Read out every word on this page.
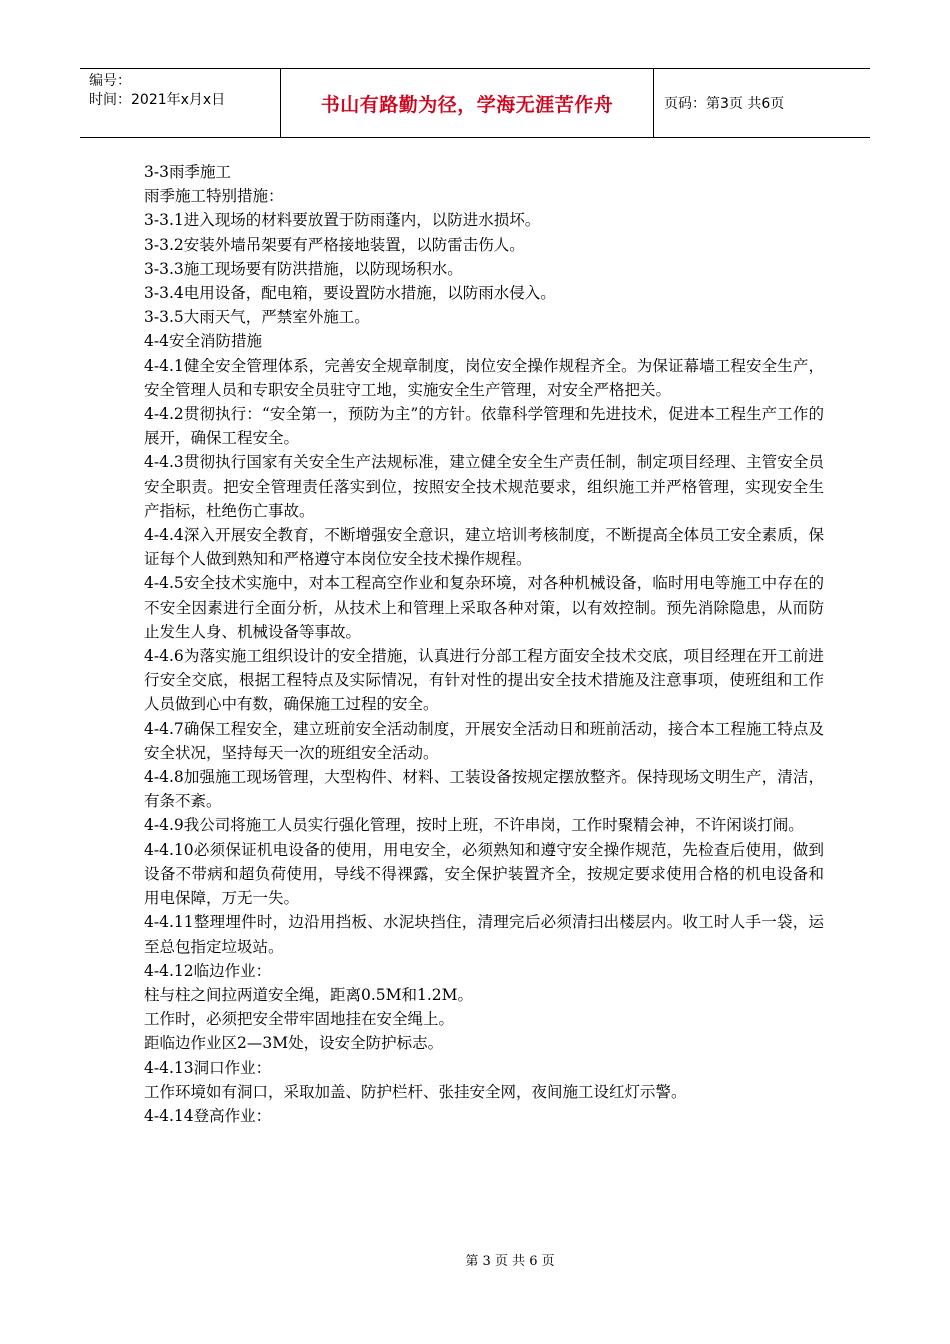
编号：
时间：2021年x月x日	书山有路勤为径，学海无涯苦作舟	页码：第3页 共6页

3-3雨季施工

雨季施工特别措施：

3-3.1进入现场的材料要放置于防雨蓬内，以防进水损坏。

3-3.2安装外墙吊架要有严格接地装置，以防雷击伤人。

3-3.3施工现场要有防洪措施，以防现场积水。

3-3.4电用设备，配电箱，要设置防水措施，以防雨水侵入。

3-3.5大雨天气，严禁室外施工。

4-4安全消防措施

4-4.1健全安全管理体系，完善安全规章制度，岗位安全操作规程齐全。为保证幕墙工程安全生产，安全管理人员和专职安全员驻守工地，实施安全生产管理，对安全严格把关。

4-4.2贯彻执行：“安全第一，预防为主”的方针。依靠科学管理和先进技术，促进本工程生产工作的展开，确保工程安全。

4-4.3贯彻执行国家有关安全生产法规标准，建立健全安全生产责任制，制定项目经理、主管安全员安全职责。把安全管理责任落实到位，按照安全技术规范要求，组织施工并严格管理，实现安全生产指标，杜绝伤亡事故。

4-4.4深入开展安全教育，不断增强安全意识，建立培训考核制度，不断提高全体员工安全素质，保证每个人做到熟知和严格遵守本岗位安全技术操作规程。

4-4.5安全技术实施中，对本工程高空作业和复杂环境，对各种机械设备，临时用电等施工中存在的不安全因素进行全面分析，从技术上和管理上采取各种对策，以有效控制。预先消除隐患，从而防止发生人身、机械设备等事故。

4-4.6为落实施工组织设计的安全措施，认真进行分部工程方面安全技术交底，项目经理在开工前进行安全交底，根据工程特点及实际情况，有针对性的提出安全技术措施及注意事项，使班组和工作人员做到心中有数，确保施工过程的安全。

4-4.7确保工程安全，建立班前安全活动制度，开展安全活动日和班前活动，接合本工程施工特点及安全状况，坚持每天一次的班组安全活动。

4-4.8加强施工现场管理，大型构件、材料、工装设备按规定摆放整齐。保持现场文明生产，清洁，有条不紊。

4-4.9我公司将施工人员实行强化管理，按时上班，不许串岗，工作时聚精会神，不许闲谈打闹。

4-4.10必须保证机电设备的使用，用电安全，必须熟知和遵守安全操作规范，先检查后使用，做到设备不带病和超负荷使用，导线不得裸露，安全保护装置齐全，按规定要求使用合格的机电设备和用电保障，万无一失。

4-4.11整理埋件时，边沿用挡板、水泥块挡住，清理完后必须清扫出楼层内。收工时人手一袋，运至总包指定垃圾站。

4-4.12临边作业：

柱与柱之间拉两道安全绳，距离0.5M和1.2M。

工作时，必须把安全带牢固地挂在安全绳上。

距临边作业区2—3M处，设安全防护标志。

4-4.13洞口作业：

工作环境如有洞口，采取加盖、防护栏杆、张挂安全网，夜间施工设红灯示警。

4-4.14登高作业：

第 3 页 共 6 页
